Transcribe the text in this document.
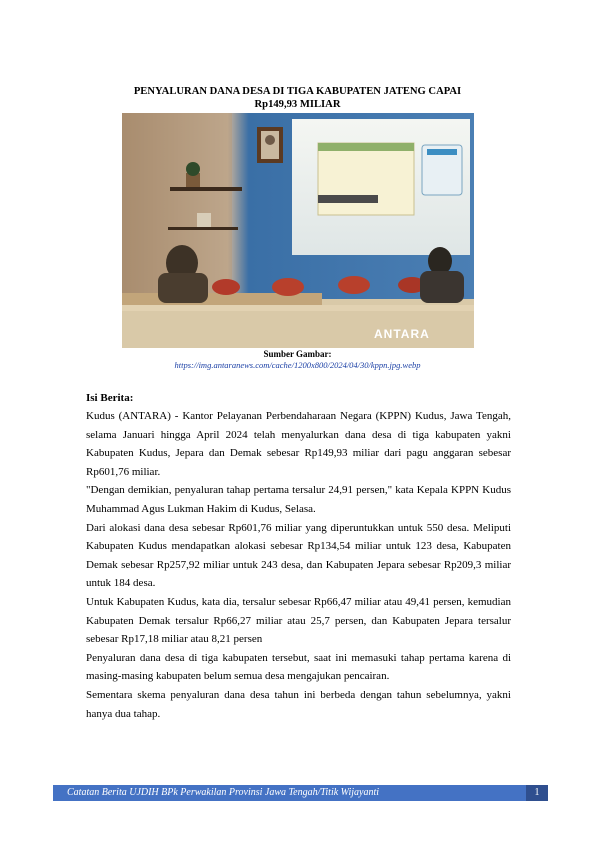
PENYALURAN DANA DESA DI TIGA KABUPATEN JATENG CAPAI
Rp149,93 MILIAR
ANTARA
Sumber Gambar:
https://img.antaranews.com/cache/1200x800/2024/04/30/kppn.jpg.webp
Isi Berita:

Kudus (ANTARA) - Kantor Pelayanan Perbendaharaan Negara (KPPN) Kudus, Jawa Tengah, selama Januari hingga April 2024 telah menyalurkan dana desa di tiga kabupaten yakni Kabupaten Kudus, Jepara dan Demak sebesar Rp149,93 miliar dari pagu anggaran sebesar Rp601,76 miliar.

"Dengan demikian, penyaluran tahap pertama tersalur 24,91 persen," kata Kepala KPPN Kudus Muhammad Agus Lukman Hakim di Kudus, Selasa.

Dari alokasi dana desa sebesar Rp601,76 miliar yang diperuntukkan untuk 550 desa. Meliputi Kabupaten Kudus mendapatkan alokasi sebesar Rp134,54 miliar untuk 123 desa, Kabupaten Demak sebesar Rp257,92 miliar untuk 243 desa, dan Kabupaten Jepara sebesar Rp209,3 miliar untuk 184 desa.

Untuk Kabupaten Kudus, kata dia, tersalur sebesar Rp66,47 miliar atau 49,41 persen, kemudian Kabupaten Demak tersalur Rp66,27 miliar atau 25,7 persen, dan Kabupaten Jepara tersalur sebesar Rp17,18 miliar atau 8,21 persen

Penyaluran dana desa di tiga kabupaten tersebut, saat ini memasuki tahap pertama karena di masing-masing kabupaten belum semua desa mengajukan pencairan.

Sementara skema penyaluran dana desa tahun ini berbeda dengan tahun sebelumnya, yakni hanya dua tahap.

Catatan Berita UJDIH BPk Perwakilan Provinsi Jawa Tengah/Titik Wijayanti	1
